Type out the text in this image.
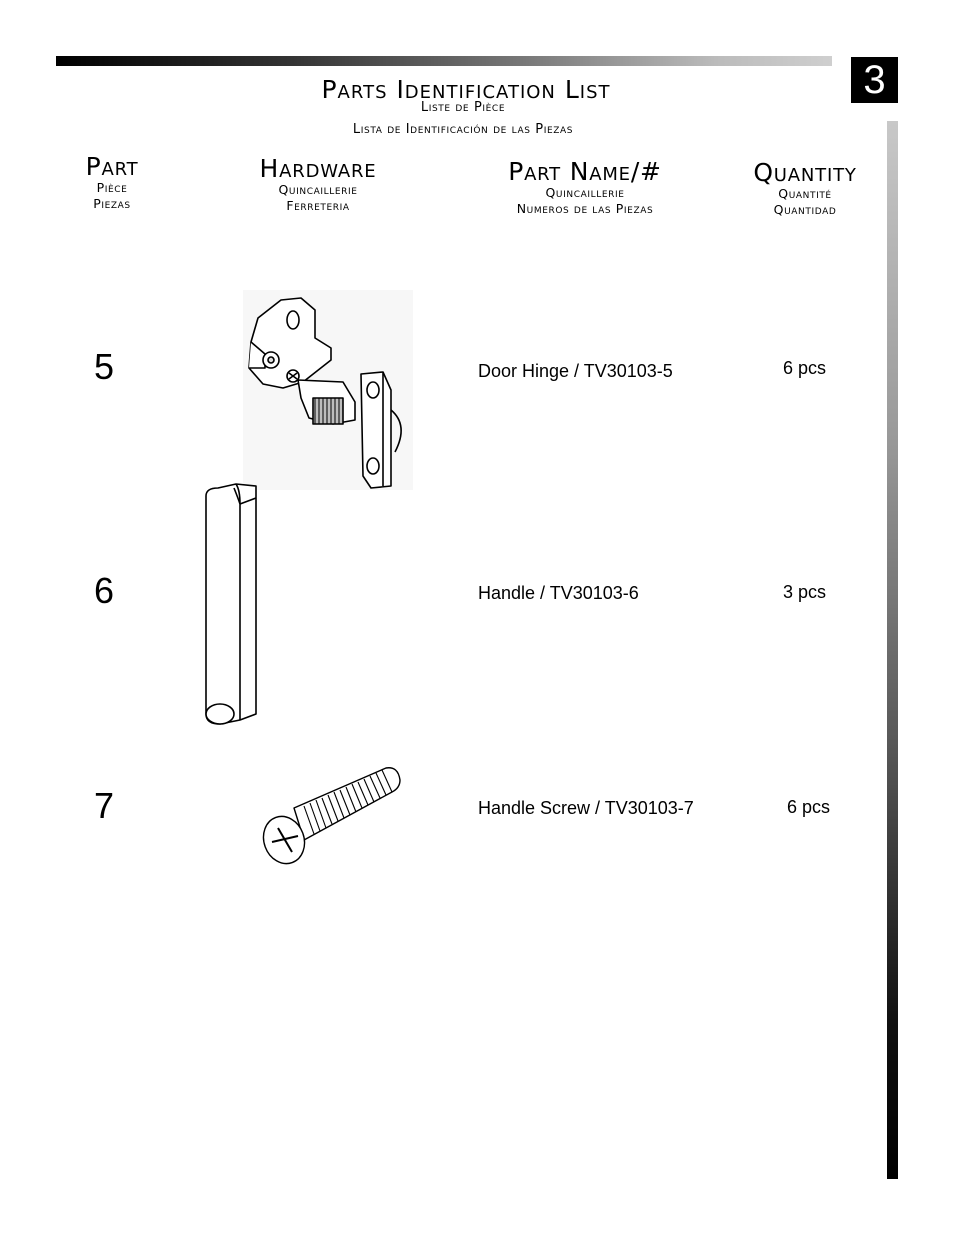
3
Parts Identification List
Liste de Pièce
Lista de Identificación de las Piezas
Part
Pièce
Piezas
Hardware
Quincaillerie
Ferreteria
Part Name/#
Quincaillerie
Numeros de las Piezas
Quantity
Quantité
Quantidad
5	Door Hinge / TV30103-5	6 pcs
6	Handle / TV30103-6	3 pcs
7	Handle Screw / TV30103-7	6 pcs
